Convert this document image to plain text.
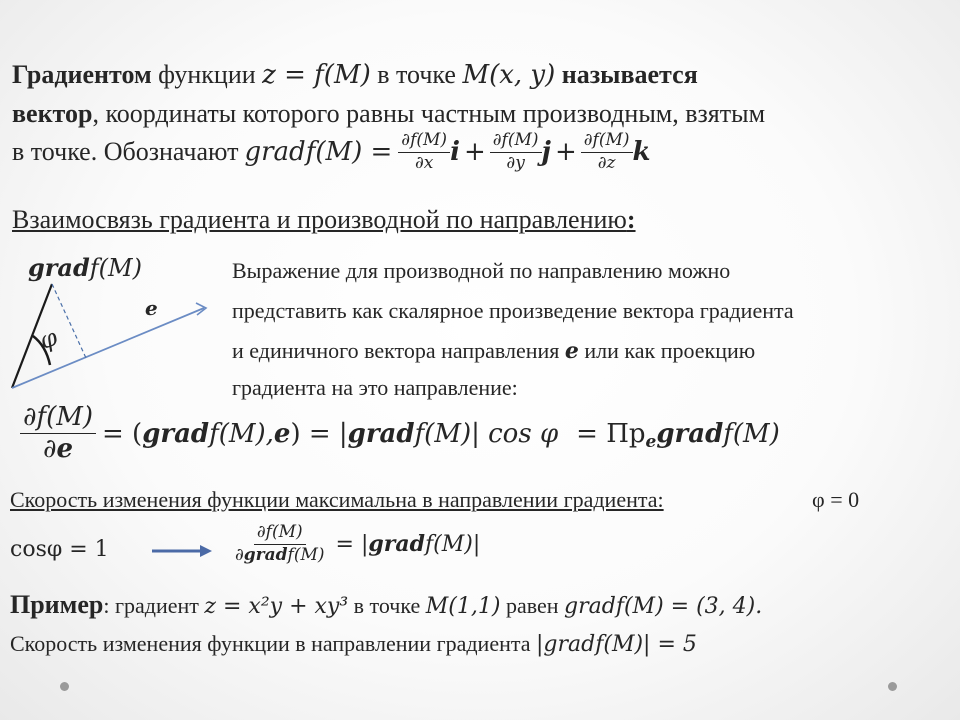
Градиентом функции z = f(M) в точке M(x, y) называется
вектор, координаты которого равны частным производным, взятым
в точке. Обозначают gradf(M) = $\frac{\partial f(M)}{\partial x}$ $i + \frac{\partial f(M)}{\partial y}$ $j + \frac{\partial f(M)}{\partial z}$ k
Взаимосвязь градиента и производной по направлению:
gradf(M)
e
φ
Выражение для производной по направлению можно
представить как скалярное произведение вектора градиента
и единичного вектора направления e или как проекцию
градиента на это направление:
$\frac{\partial f(M)}{\partial e}$ = ( grad f(M), e ) = | grad f(M)| cos φ = Пр e grad f(M)
Скорость изменения функции максимальна в направлении градиента:	φ = 0
cosφ = 1	$\frac{\partial f(M)}{\text{∂gradf(M)}}$ = | grad f(M)|
Пример: градиент z = x²y + xy³ в точке M(1,1) равен gradf(M) = (3, 4).
Скорость изменения функции в направлении градиента |gradf(M)| = 5
